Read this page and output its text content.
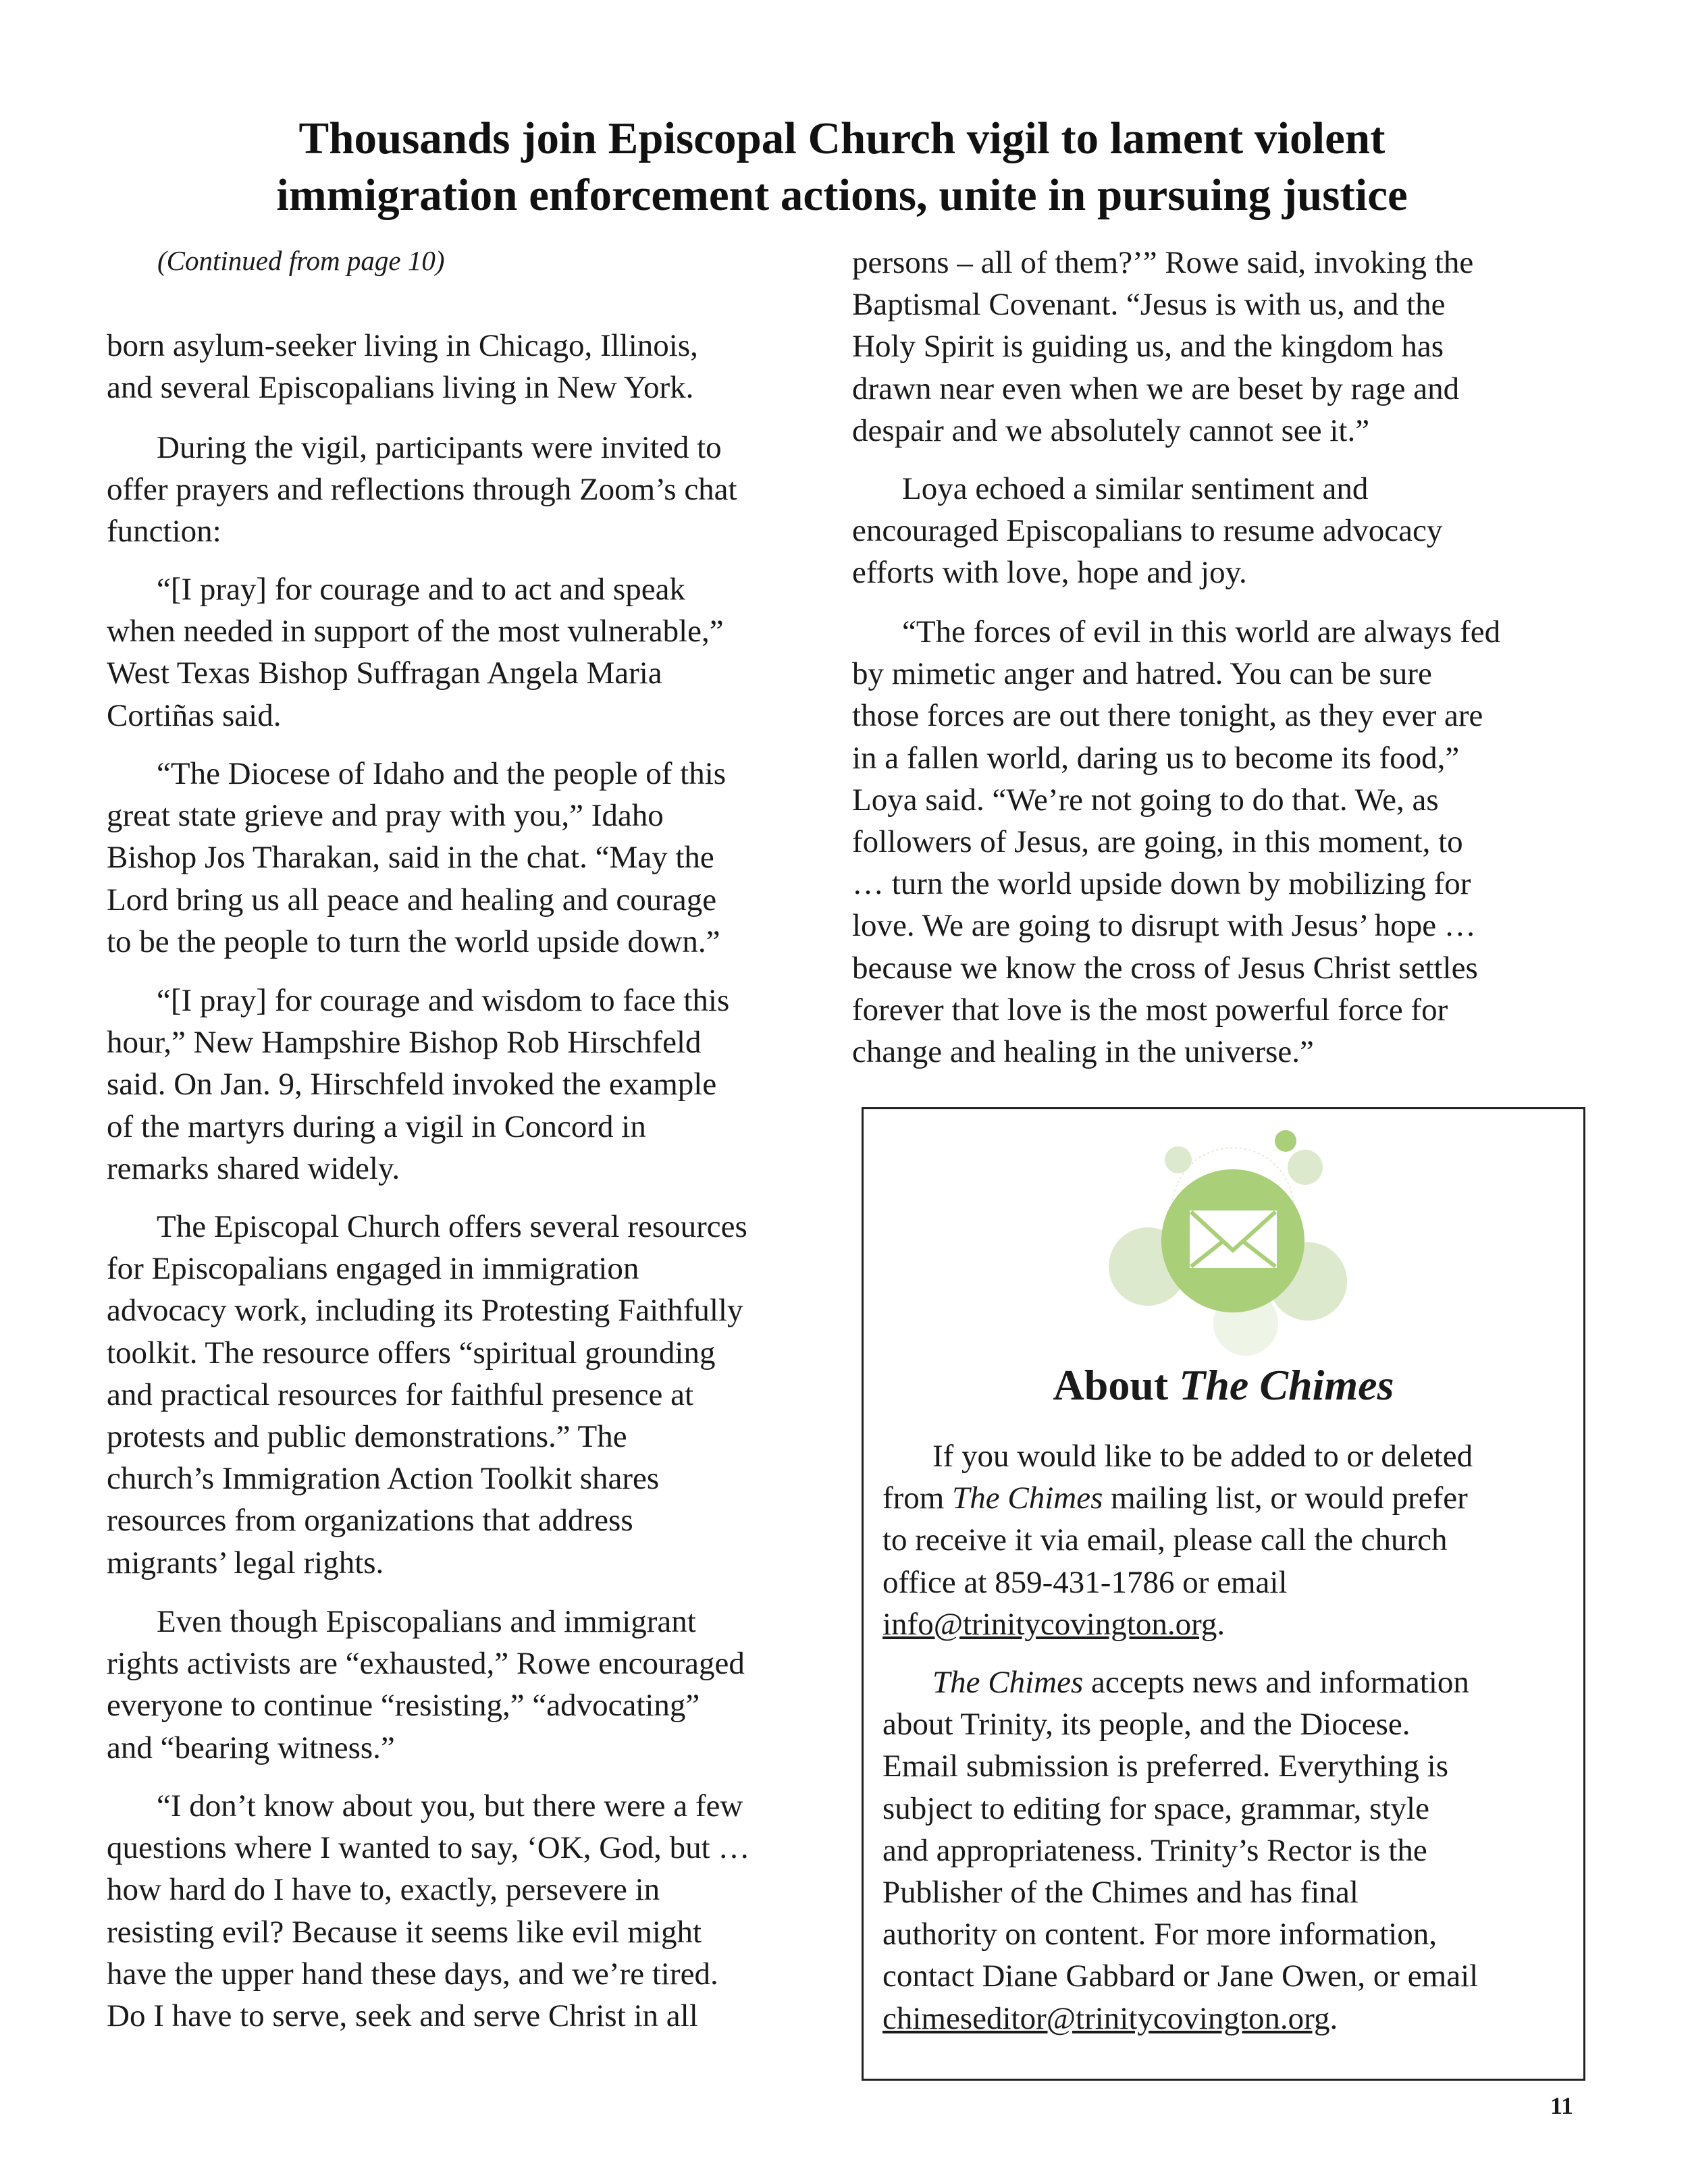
Thousands join Episcopal Church vigil to lament violent
immigration enforcement actions, unite in pursuing justice
(Continued from page 10)
born asylum-seeker living in Chicago, Illinois,
and several Episcopalians living in New York.
During the vigil, participants were invited to
offer prayers and reflections through Zoom’s chat
function:
“[I pray] for courage and to act and speak
when needed in support of the most vulnerable,”
West Texas Bishop Suffragan Angela Maria
Cortiñas said.
“The Diocese of Idaho and the people of this
great state grieve and pray with you,” Idaho
Bishop Jos Tharakan, said in the chat. “May the
Lord bring us all peace and healing and courage
to be the people to turn the world upside down.”
“[I pray] for courage and wisdom to face this
hour,” New Hampshire Bishop Rob Hirschfeld
said. On Jan. 9, Hirschfeld invoked the example
of the martyrs during a vigil in Concord in
remarks shared widely.
The Episcopal Church offers several resources
for Episcopalians engaged in immigration
advocacy work, including its Protesting Faithfully
toolkit. The resource offers “spiritual grounding
and practical resources for faithful presence at
protests and public demonstrations.” The
church’s Immigration Action Toolkit shares
resources from organizations that address
migrants’ legal rights.
Even though Episcopalians and immigrant
rights activists are “exhausted,” Rowe encouraged
everyone to continue “resisting,” “advocating”
and “bearing witness.”
“I don’t know about you, but there were a few
questions where I wanted to say, ‘OK, God, but …
how hard do I have to, exactly, persevere in
resisting evil? Because it seems like evil might
have the upper hand these days, and we’re tired.
Do I have to serve, seek and serve Christ in all
persons – all of them?’” Rowe said, invoking the
Baptismal Covenant. “Jesus is with us, and the
Holy Spirit is guiding us, and the kingdom has
drawn near even when we are beset by rage and
despair and we absolutely cannot see it.”
Loya echoed a similar sentiment and
encouraged Episcopalians to resume advocacy
efforts with love, hope and joy.
“The forces of evil in this world are always fed
by mimetic anger and hatred. You can be sure
those forces are out there tonight, as they ever are
in a fallen world, daring us to become its food,”
Loya said. “We’re not going to do that. We, as
followers of Jesus, are going, in this moment, to
… turn the world upside down by mobilizing for
love. We are going to disrupt with Jesus’ hope …
because we know the cross of Jesus Christ settles
forever that love is the most powerful force for
change and healing in the universe.”
About The Chimes
If you would like to be added to or deleted
from The Chimes mailing list, or would prefer
to receive it via email, please call the church
office at 859-431-1786 or email
info@trinitycovington.org.
The Chimes accepts news and information
about Trinity, its people, and the Diocese.
Email submission is preferred. Everything is
subject to editing for space, grammar, style
and appropriateness. Trinity’s Rector is the
Publisher of the Chimes and has final
authority on content. For more information,
contact Diane Gabbard or Jane Owen, or email
chimeseditor@trinitycovington.org.
11
